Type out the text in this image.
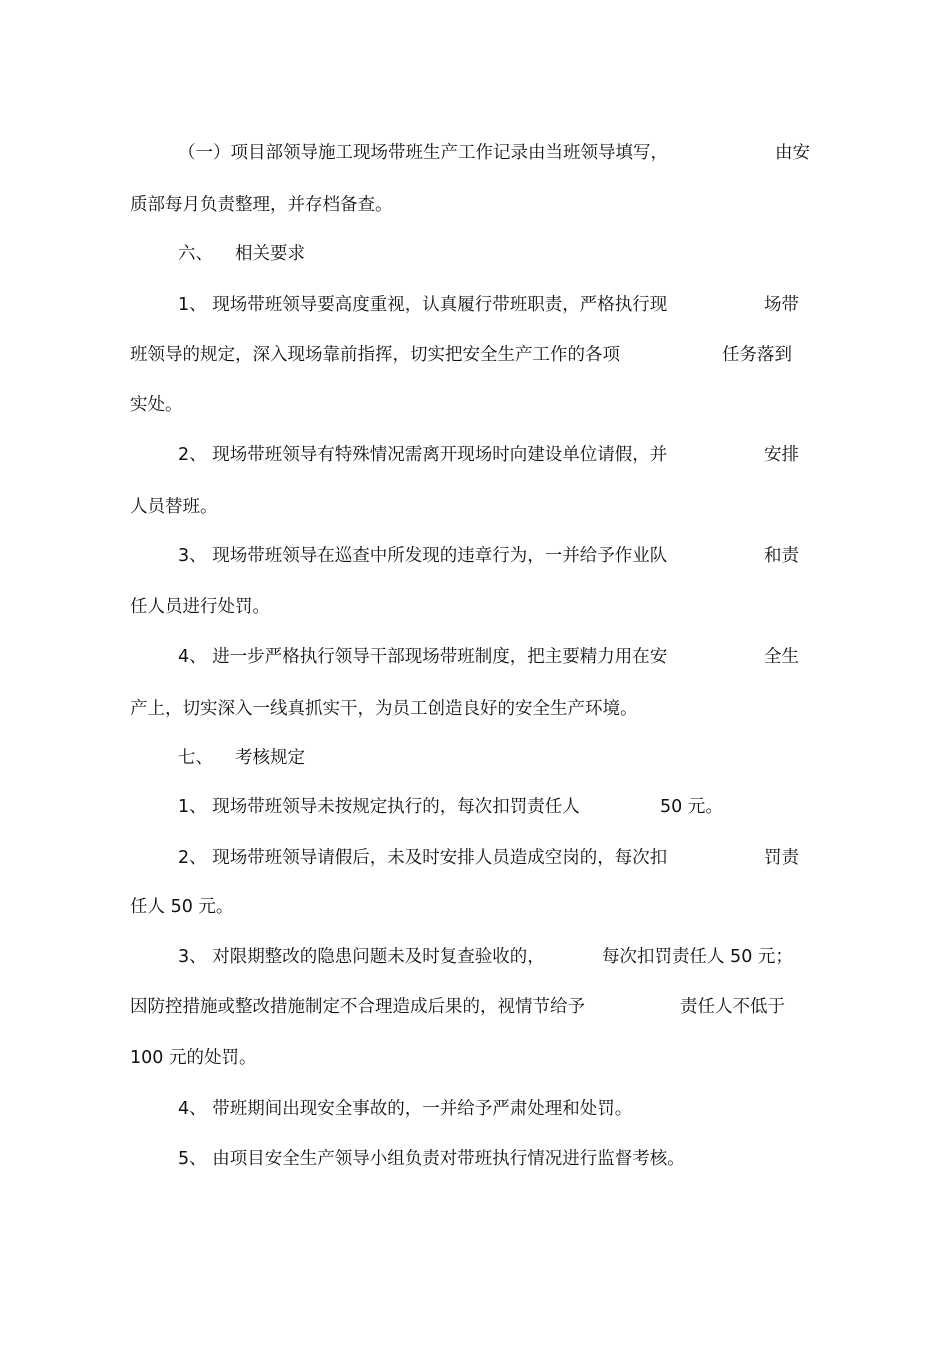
（一）项目部领导施工现场带班生产工作记录由当班领导填写，	由安
质部每月负责整理，并存档备查。
六、 相关要求
1、 现场带班领导要高度重视，认真履行带班职责，严格执行现	场带
班领导的规定，深入现场靠前指挥，切实把安全生产工作的各项	任务落到
实处。
2、 现场带班领导有特殊情况需离开现场时向建设单位请假，并	安排
人员替班。
3、 现场带班领导在巡查中所发现的违章行为，一并给予作业队	和责
任人员进行处罚。
4、 进一步严格执行领导干部现场带班制度，把主要精力用在安	全生
产上，切实深入一线真抓实干，为员工创造良好的安全生产环境。
七、 考核规定
1、 现场带班领导未按规定执行的，每次扣罚责任人	50 元。
2、 现场带班领导请假后，未及时安排人员造成空岗的，每次扣	罚责
任人 50 元。
3、 对限期整改的隐患问题未及时复查验收的，	每次扣罚责任人 50 元；
因防控措施或整改措施制定不合理造成后果的，视情节给予	责任人不低于
100 元的处罚。
4、 带班期间出现安全事故的，一并给予严肃处理和处罚。
5、 由项目安全生产领导小组负责对带班执行情况进行监督考核。
